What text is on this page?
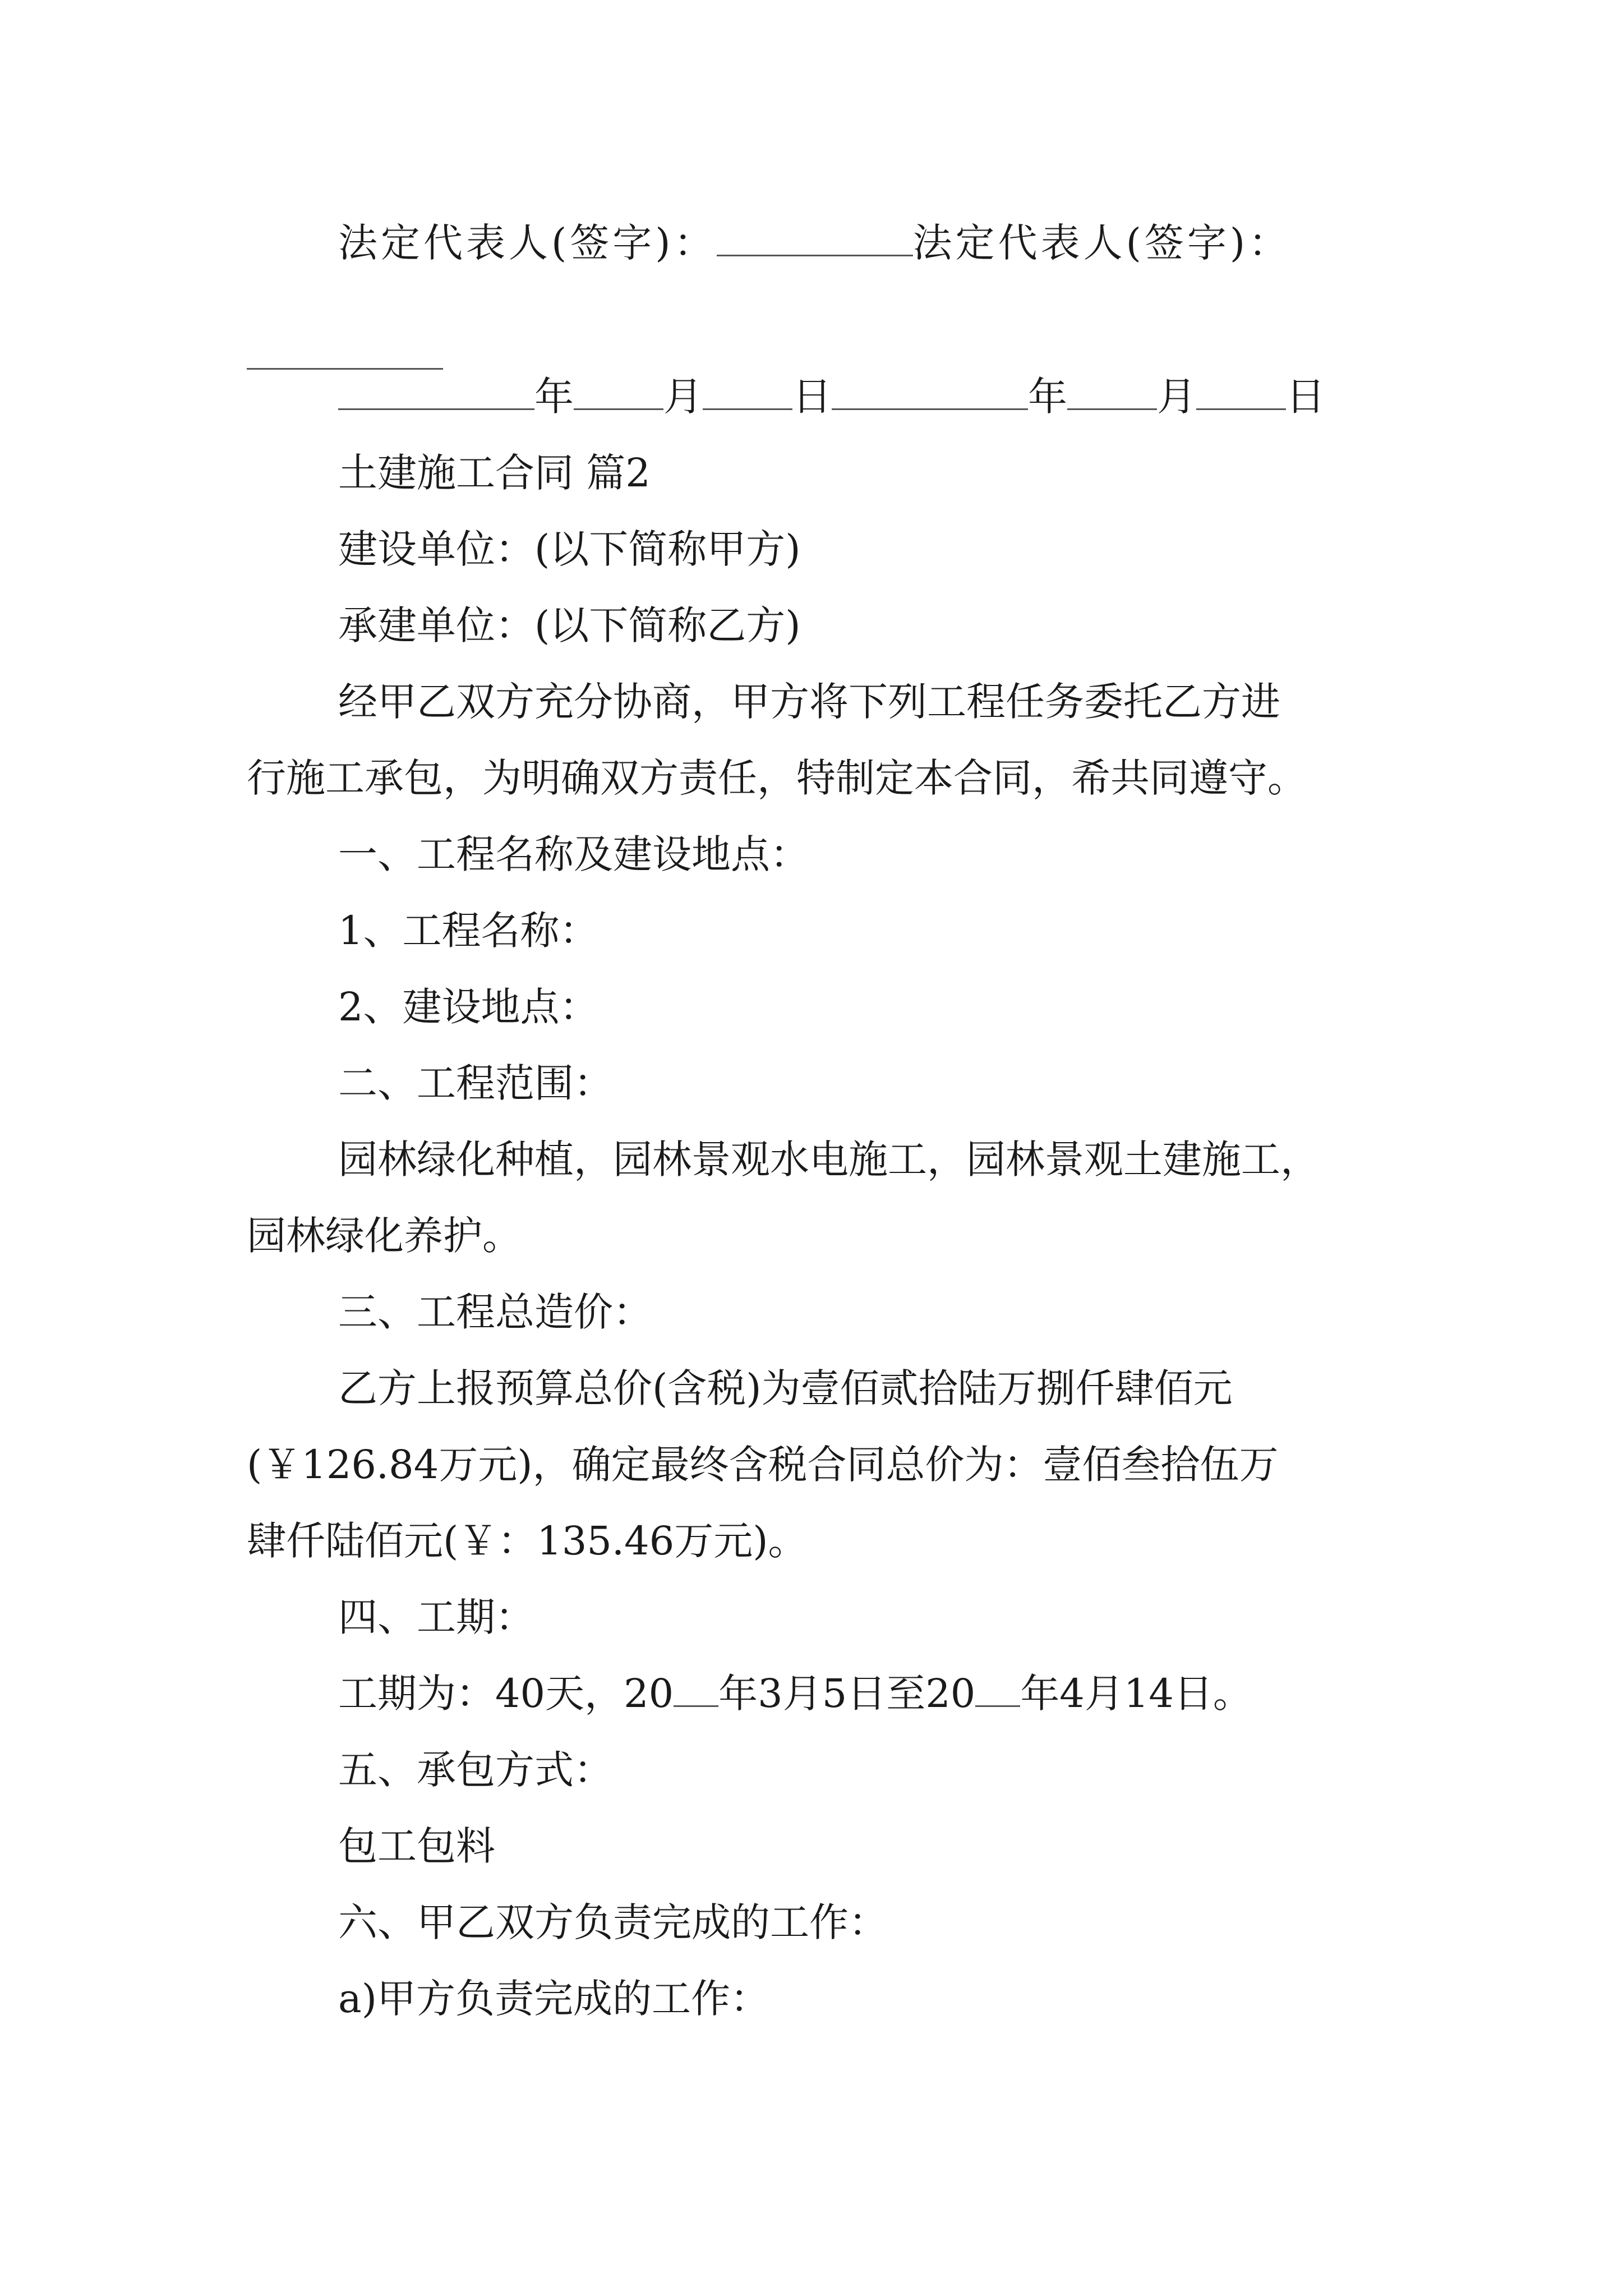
法定代表人(签字)：	法定代表人(签字)：
年 月 日	年 月 日
土建施工合同 篇2
建设单位：(以下简称甲方)
承建单位：(以下简称乙方)
经甲乙双方充分协商，甲方将下列工程任务委托乙方进
行施工承包，为明确双方责任，特制定本合同，希共同遵守。
一、工程名称及建设地点：
1、工程名称：
2、建设地点：
二、工程范围：
园林绿化种植，园林景观水电施工，园林景观土建施工，
园林绿化养护。
三、工程总造价：
乙方上报预算总价(含税)为壹佰贰拾陆万捌仟肆佰元
(￥126.84万元)，确定最终含税合同总价为：壹佰叁拾伍万
肆仟陆佰元(￥：135.46万元)。
四、工期：
工期为：40天，20 年3月5日至20 年4月14日。
五、承包方式：
包工包料
六、甲乙双方负责完成的工作：
a)甲方负责完成的工作：
